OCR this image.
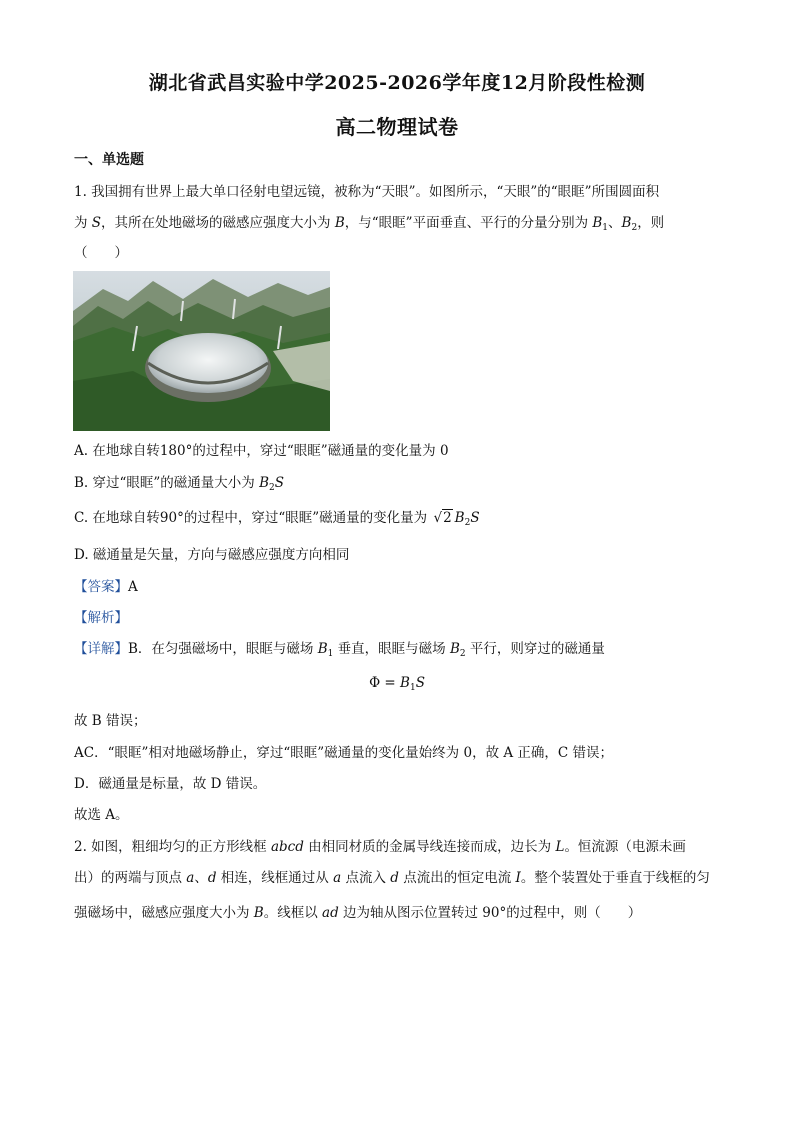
湖北省武昌实验中学2025-2026学年度12月阶段性检测
高二物理试卷
一、单选题
1. 我国拥有世界上最大单口径射电望远镜，被称为“天眼”。如图所示，“天眼”的“眼眶”所围圆面积
为 S，其所在处地磁场的磁感应强度大小为 B，与“眼眶”平面垂直、平行的分量分别为 $B_1$、$B_2$，则
（　　）
A. 在地球自转180°的过程中，穿过“眼眶”磁通量的变化量为 0
B. 穿过“眼眶”的磁通量大小为 $B_2S$
C. 在地球自转90°的过程中，穿过“眼眶”磁通量的变化量为 √2 $B_2S$
D. 磁通量是矢量，方向与磁感应强度方向相同
【答案】A
【解析】
【详解】B．在匀强磁场中，眼眶与磁场 $B_1$ 垂直，眼眶与磁场 $B_2$ 平行，则穿过的磁通量
$\Phi = B_1S$
故 B 错误；
AC．“眼眶”相对地磁场静止，穿过“眼眶”磁通量的变化量始终为 0，故 A 正确，C 错误；
D．磁通量是标量，故 D 错误。
故选 A。
2. 如图，粗细均匀的正方形线框 abcd 由相同材质的金属导线连接而成，边长为 L。恒流源（电源未画
出）的两端与顶点 a、d 相连，线框通过从 a 点流入 d 点流出的恒定电流 I。整个装置处于垂直于线框的匀
强磁场中，磁感应强度大小为 B。线框以 ad 边为轴从图示位置转过 90°的过程中，则（　　）
